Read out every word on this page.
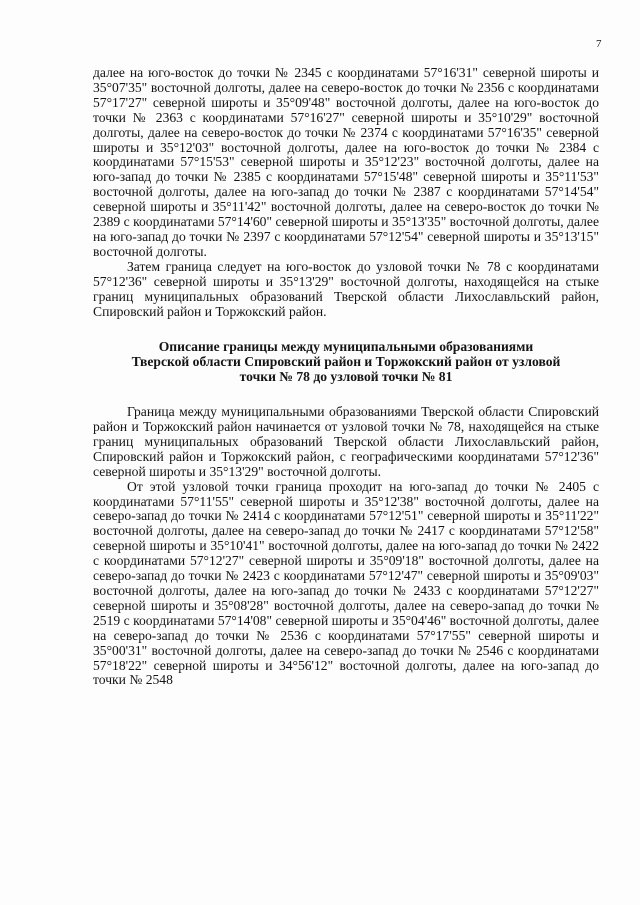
7

далее на юго-восток до точки № 2345 с координатами 57°16'31" северной широты и 35°07'35" восточной долготы, далее на северо-восток до точки № 2356 с координатами 57°17'27" северной широты и 35°09'48" восточной долготы, далее на юго-восток до точки № 2363 с координатами 57°16'27" северной широты и 35°10'29" восточной долготы, далее на северо-восток до точки № 2374 с координатами 57°16'35" северной широты и 35°12'03" восточной долготы, далее на юго-восток до точки № 2384 с координатами 57°15'53" северной широты и 35°12'23" восточной долготы, далее на юго-запад до точки № 2385 с координатами 57°15'48" северной широты и 35°11'53" восточной долготы, далее на юго-запад до точки № 2387 с координатами 57°14'54" северной широты и 35°11'42" восточной долготы, далее на северо-восток до точки № 2389 с координатами 57°14'60" северной широты и 35°13'35" восточной долготы, далее на юго-запад до точки № 2397 с координатами 57°12'54" северной широты и 35°13'15" восточной долготы.

Затем граница следует на юго-восток до узловой точки № 78 с координатами 57°12'36" северной широты и 35°13'29" восточной долготы, находящейся на стыке границ муниципальных образований Тверской области Лихославльский район, Спировский район и Торжокский район.

Описание границы между муниципальными образованиями
Тверской области Спировский район и Торжокский район от узловой
точки № 78 до узловой точки № 81

Граница между муниципальными образованиями Тверской области Спировский район и Торжокский район начинается от узловой точки № 78, находящейся на стыке границ муниципальных образований Тверской области Лихославльский район, Спировский район и Торжокский район, с географическими координатами 57°12'36" северной широты и 35°13'29" восточной долготы.

От этой узловой точки граница проходит на юго-запад до точки № 2405 с координатами 57°11'55" северной широты и 35°12'38" восточной долготы, далее на северо-запад до точки № 2414 с координатами 57°12'51" северной широты и 35°11'22" восточной долготы, далее на северо-запад до точки № 2417 с координатами 57°12'58" северной широты и 35°10'41" восточной долготы, далее на юго-запад до точки № 2422 с координатами 57°12'27" северной широты и 35°09'18" восточной долготы, далее на северо-запад до точки № 2423 с координатами 57°12'47" северной широты и 35°09'03" восточной долготы, далее на юго-запад до точки № 2433 с координатами 57°12'27" северной широты и 35°08'28" восточной долготы, далее на северо-запад до точки № 2519 с координатами 57°14'08" северной широты и 35°04'46" восточной долготы, далее на северо-запад до точки № 2536 с координатами 57°17'55" северной широты и 35°00'31" восточной долготы, далее на северо-запад до точки № 2546 с координатами 57°18'22" северной широты и 34°56'12" восточной долготы, далее на юго-запад до точки № 2548
